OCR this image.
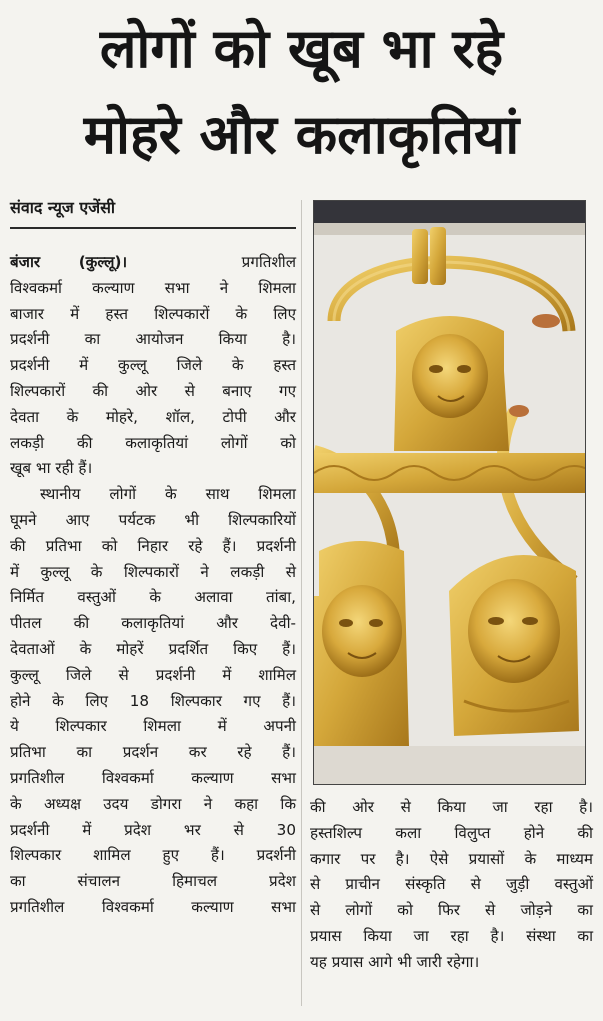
लोगों को खूब भा रहे
मोहरे और कलाकृतियां
संवाद न्यूज एजेंसी

बंजार (कुल्लू)।	प्रगतिशील

विश्वकर्मा कल्याण सभा ने शिमला

बाजार में हस्त शिल्पकारों के लिए

प्रदर्शनी का आयोजन किया है।

प्रदर्शनी में कुल्लू जिले के हस्त

शिल्पकारों की ओर से बनाए गए

देवता के मोहरे, शॉल, टोपी और

लकड़ी की कलाकृतियां लोगों को

खूब भा रही हैं।

स्थानीय लोगों के साथ शिमला

घूमने आए पर्यटक भी शिल्पकारियों

की प्रतिभा को निहार रहे हैं। प्रदर्शनी

में कुल्लू के शिल्पकारों ने लकड़ी से

निर्मित वस्तुओं के अलावा तांबा,

पीतल की कलाकृतियां और देवी-

देवताओं के मोहरें प्रदर्शित किए हैं।

कुल्लू जिले से प्रदर्शनी में शामिल

होने के लिए 18 शिल्पकार गए हैं।

ये शिल्पकार शिमला में अपनी

प्रतिभा का प्रदर्शन कर रहे हैं।

प्रगतिशील विश्वकर्मा कल्याण सभा

के अध्यक्ष उदय डोगरा ने कहा कि

प्रदर्शनी में प्रदेश भर से 30

शिल्पकार शामिल हुए हैं। प्रदर्शनी

का संचालन हिमाचल प्रदेश

प्रगतिशील विश्वकर्मा कल्याण सभा

की ओर से किया जा रहा है।

हस्तशिल्प कला विलुप्त होने की

कगार पर है। ऐसे प्रयासों के माध्यम

से प्राचीन संस्कृति से जुड़ी वस्तुओं

से लोगों को फिर से जोड़ने का

प्रयास किया जा रहा है। संस्था का

यह प्रयास आगे भी जारी रहेगा।
